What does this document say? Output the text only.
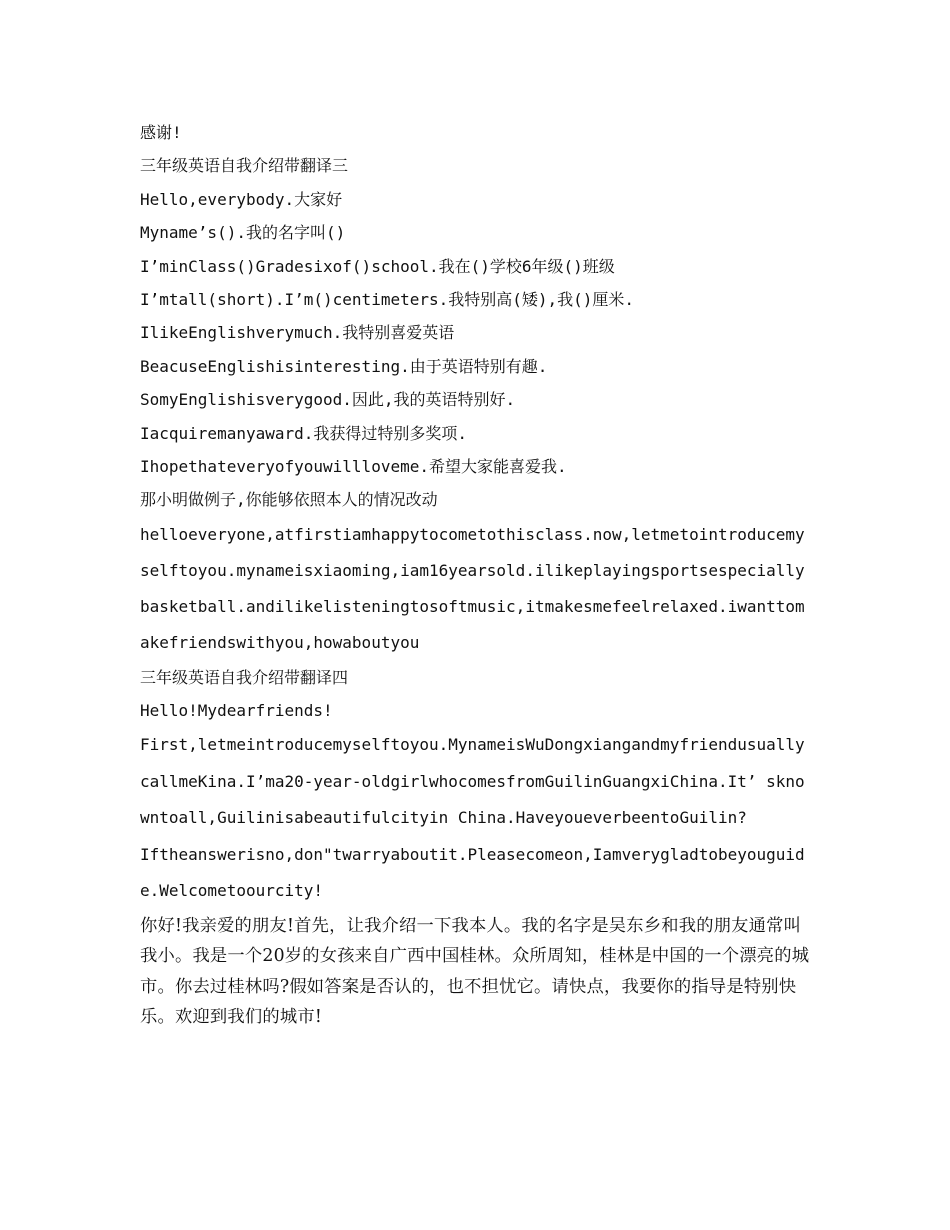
感谢!
三年级英语自我介绍带翻译三
Hello,everybody.大家好
Myname’s().我的名字叫()
I’minClass()Gradesixof()school.我在()学校6年级()班级
I’mtall(short).I’m()centimeters.我特别高(矮),我()厘米.
IlikeEnglishverymuch.我特别喜爱英语
BeacuseEnglishisinteresting.由于英语特别有趣.
SomyEnglishisverygood.因此,我的英语特别好.
Iacquiremanyaward.我获得过特别多奖项.
Ihopethateveryofyouwillloveme.希望大家能喜爱我.
那小明做例子,你能够依照本人的情况改动
helloeveryone,atfirstiamhappytocometothisclass.now,letmetointroducemyselftoyou.mynameisxiaoming,iam16yearsold.ilikeplayingsportsespeciallybasketball.andilikelisteningtosoftmusic,itmakesmefeelrelaxed.iwanttomakefriendswithyou,howaboutyou
三年级英语自我介绍带翻译四
Hello!Mydearfriends!
First,letmeintroducemyselftoyou.MynameisWuDongxiangandmyfriendusuallycallmeKina.I’ma20-year-oldgirlwhocomesfromGuilinGuangxiChina.It’ sknowntoall,Guilinisabeautifulcityin China.HaveyoueverbeentoGuilin?
Iftheanswerisno,don"twarryaboutit.Pleasecomeon,Iamverygladtobeyouguide.Welcometoourcity!
你好!我亲爱的朋友!首先，让我介绍一下我本人。我的名字是吴东乡和我的朋友通常叫我小。我是一个20岁的女孩来自广西中国桂林。众所周知，桂林是中国的一个漂亮的城市。你去过桂林吗?假如答案是否认的，也不担忧它。请快点，我要你的指导是特别快乐。欢迎到我们的城市!
